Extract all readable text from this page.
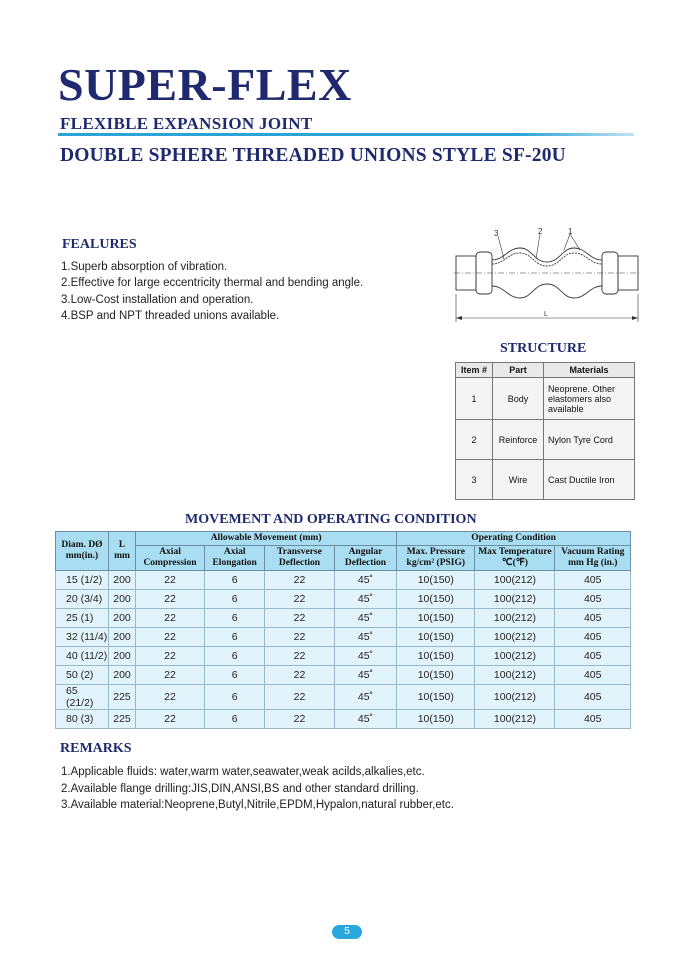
SUPER-FLEX
FLEXIBLE EXPANSION JOINT
DOUBLE SPHERE THREADED UNIONS STYLE SF-20U
FEALURES
1.Superb absorption of vibration.
2.Effective for large eccentricity thermal and bending angle.
3.Low-Cost installation and operation.
4.BSP and NPT threaded unions available.
3	2	1
L
STRUCTURE
Item #	Part	Materials
1	Body	Neoprene. Other elastomers also available
2	Reinforce	Nylon Tyre Cord
3	Wire	Cast Ductile Iron
MOVEMENT AND OPERATING CONDITION
Diam. DØ mm(in.)	L mm	Allowable Movement (mm)				Operating Condition		
		Axial Compression	Axial Elongation	Transverse Deflection	Angular Deflection	Max. Pressure kg/cm² (PSIG)	Max Temperature ℃(℉)	Vacuum Rating mm Hg (in.)
15 (1/2)	200	22	6	22	45˚	10(150)	100(212)	405
20 (3/4)	200	22	6	22	45˚	10(150)	100(212)	405
25 (1)	200	22	6	22	45˚	10(150)	100(212)	405
32 (11/4)	200	22	6	22	45˚	10(150)	100(212)	405
40 (11/2)	200	22	6	22	45˚	10(150)	100(212)	405
50 (2)	200	22	6	22	45˚	10(150)	100(212)	405
65 (21/2)	225	22	6	22	45˚	10(150)	100(212)	405
80 (3)	225	22	6	22	45˚	10(150)	100(212)	405
REMARKS
1.Applicable fluids: water,warm water,seawater,weak acilds,alkalies,etc.
2.Available flange drilling:JIS,DIN,ANSI,BS and other standard drilling.
3.Available material:Neoprene,Butyl,Nitrile,EPDM,Hypalon,natural rubber,etc.
5
